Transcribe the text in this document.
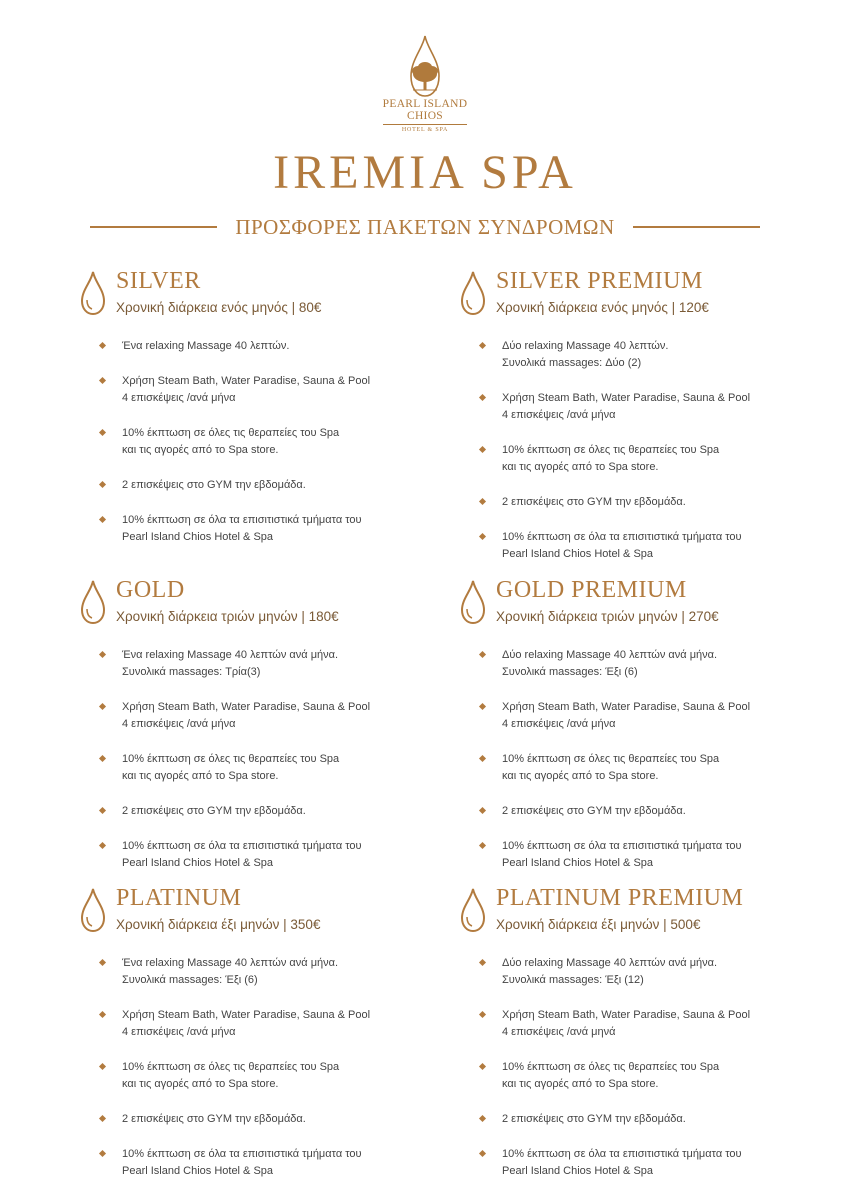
PEARL ISLAND
CHIOS
HOTEL & SPA
IREMIA SPA
ΠΡΟΣΦΟΡΕΣ ΠΑΚΕΤΩΝ ΣΥΝΔΡΟΜΩΝ
SILVER
Χρονική διάρκεια ενός μηνός | 80€
Ένα relaxing Massage 40 λεπτών.
Χρήση Steam Bath, Water Paradise, Sauna & Pool
4 επισκέψεις /ανά μήνα
10% έκπτωση σε όλες τις θεραπείες του Spa
και τις αγορές από το Spa store.
2 επισκέψεις στο GYM την εβδομάδα.
10% έκπτωση σε όλα τα επισιτιστικά τμήματα του
Pearl Island Chios Hotel & Spa
SILVER PREMIUM
Χρονική διάρκεια ενός μηνός | 120€
Δύο relaxing Massage 40 λεπτών.
Συνολικά massages: Δύο (2)
Χρήση Steam Bath, Water Paradise, Sauna & Pool
4 επισκέψεις /ανά μήνα
10% έκπτωση σε όλες τις θεραπείες του Spa
και τις αγορές από το Spa store.
2 επισκέψεις στο GYM την εβδομάδα.
10% έκπτωση σε όλα τα επισιτιστικά τμήματα του
Pearl Island Chios Hotel & Spa
GOLD
Χρονική διάρκεια τριών μηνών | 180€
Ένα relaxing Massage 40 λεπτών ανά μήνα.
Συνολικά massages: Τρία(3)
Χρήση Steam Bath, Water Paradise, Sauna & Pool
4 επισκέψεις /ανά μήνα
10% έκπτωση σε όλες τις θεραπείες του Spa
και τις αγορές από το Spa store.
2 επισκέψεις στο GYM την εβδομάδα.
10% έκπτωση σε όλα τα επισιτιστικά τμήματα του
Pearl Island Chios Hotel & Spa
GOLD PREMIUM
Χρονική διάρκεια τριών μηνών | 270€
Δύο relaxing Massage 40 λεπτών ανά μήνα.
Συνολικά massages: Έξι (6)
Χρήση Steam Bath, Water Paradise, Sauna & Pool
4 επισκέψεις /ανά μήνα
10% έκπτωση σε όλες τις θεραπείες του Spa
και τις αγορές από το Spa store.
2 επισκέψεις στο GYM την εβδομάδα.
10% έκπτωση σε όλα τα επισιτιστικά τμήματα του
Pearl Island Chios Hotel & Spa
PLATINUM
Χρονική διάρκεια έξι μηνών | 350€
Ένα relaxing Massage 40 λεπτών ανά μήνα.
Συνολικά massages: Έξι (6)
Χρήση Steam Bath, Water Paradise, Sauna & Pool
4 επισκέψεις /ανά μήνα
10% έκπτωση σε όλες τις θεραπείες του Spa
και τις αγορές από το Spa store.
2 επισκέψεις στο GYM την εβδομάδα.
10% έκπτωση σε όλα τα επισιτιστικά τμήματα του
Pearl Island Chios Hotel & Spa
PLATINUM PREMIUM
Χρονική διάρκεια έξι μηνών | 500€
Δύο relaxing Massage 40 λεπτών ανά μήνα.
Συνολικά massages: Έξι (12)
Χρήση Steam Bath, Water Paradise, Sauna & Pool
4 επισκέψεις /ανά μηνά
10% έκπτωση σε όλες τις θεραπείες του Spa
και τις αγορές από το Spa store.
2 επισκέψεις στο GYM την εβδομάδα.
10% έκπτωση σε όλα τα επισιτιστικά τμήματα του
Pearl Island Chios Hotel & Spa
